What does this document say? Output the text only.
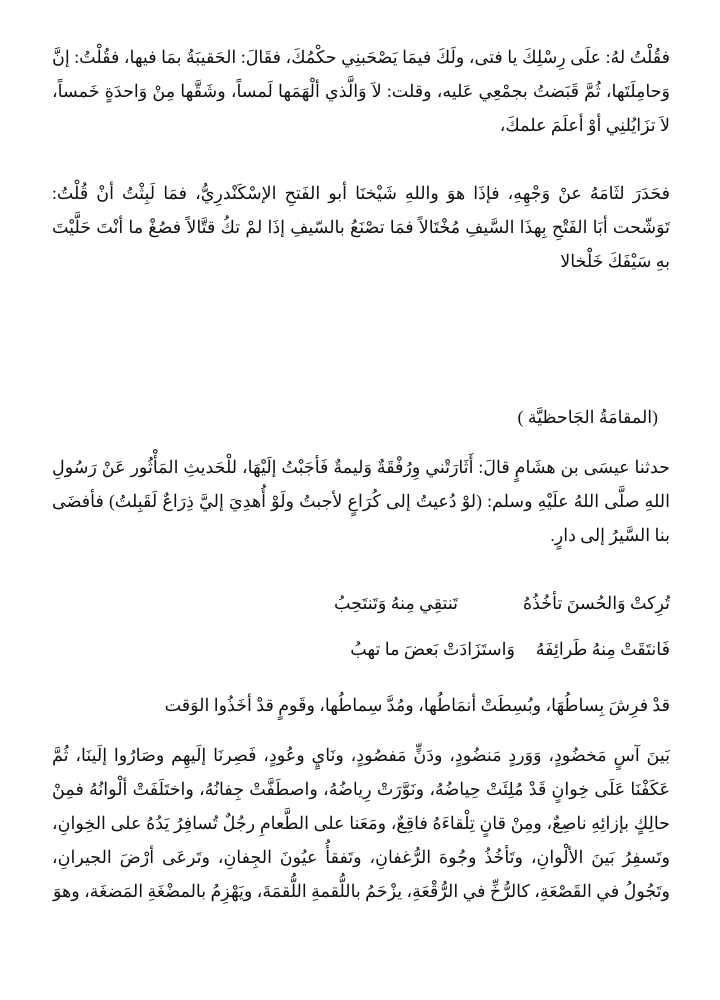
فقُلْتُ لهُ: علَى رِسْلِكَ يا فتى، ولَكَ فيمَا يَصْحَبنِي حكْمُكَ، فقَالَ: الحَقيبَةُ بمَا فيها، فقُلْتُ: إنَّ وَحامِلَتَها، ثُمَّ قَبَضتُ بجمْعِي عَليه، وقلت: لاَ وَالَّذي ألْهَمَها لَمساً، وشَقَّها مِنْ وَاحدَةٍ خَمساً، لاَ تزَايُلنِي أوْ أعلَمَ علمكَ،

فحَدَرَ لثَامَهُ عنْ وَجْهِهِ، فإذَا هوَ واللهِ شَيْخنَا أبو الفَتحِ الإسْكَنْدرِيُّ، فمَا لَبِثْتُ أنْ قُلْتُ: تَوَشّحت أبَا الفَتْحِ بِهذَا السَّيفِ مُخْتَالاً فمَا تصْنَعُ بالسّيفِ إذَا لمْ تكُ قتَّالاً فصُغْ ما أنْتَ حَلَّيْتَ بهِ سَيْفَكَ خَلْخالا

(المقامَةُ الجَاحظيَّة )

حدثنا عيسَى بن هشَامٍ قالَ: أَثَارَتْني وِرُفْقَةٌ وَليمةٌ فَأجَبْتُ إلَيْهَا، للْحَديثِ المَأْثُور عَنْ رَسُولِ اللهِ صلَّى اللهُ علَيْهِ وسلم: (لوْ دُعيتُ إلى كُرَاعٍ لأجبتُ ولَوْ أُهدِيَ إليَّ ذِرَاعٌ لَقَبِلتُ) فأفضَى بنا السَّيرُ إلى دارٍ.

تُرِكتْ وَالحُسنَ تأخُذُهُ
تَنتقِي مِنهُ وَتَنتَحِبُ
فَانتَقَتْ مِنهُ طَرائِفَهُ
وَاستَزَادَتْ بَعضَ ما تهبُ
قدْ فرِشَ بِساطُهَا، وبُسِطَتْ أنمَاطُها، ومُدَّ سِماطُها، وقَومٍ قدْ أخَذُوا الوَقت

بَينَ آسٍ مَخضُودٍ، وَوَردٍ مَنضُودٍ، ودَنٍّ مَفصُودٍ، ونَايٍ وعُودٍ، فَصِرنَا إلَيهِم وصَارُوا إلَينَا، ثُمَّ عَكَفْنَا عَلَى خِوانٍ قَدْ مُلِئَتْ حِياضُهُ، ونَوَّرَتْ رِياضُهُ، واصطَفَّتْ جِفانُهُ، واختَلَفَتْ ألْوانُهُ فمِنْ حالِكٍ بإزائِهِ ناصِعٌ، ومِنْ قانٍ تِلْقاءَهُ فاقِعٌ، ومَعَنا على الطَّعامِ رجُلٌ تُسافِرُ يَدُهُ على الخِوانِ، وتَسفِرُ بَينَ الألْوانِ، وتَأخُذُ وجُوهَ الرُّغفانِ، وتَفقأُ عيُونَ الجِفانِ، وتَرعَى أرْضَ الجيرانِ، وتَجُولُ في القَصْعَةِ، كالرُّخِّ في الرُّقْعَةِ، يزْحَمُ باللُّقمةِ اللُّقمَةَ، ويَهْزِمُ بالمضْغَةِ المَضغَة، وهوَ
